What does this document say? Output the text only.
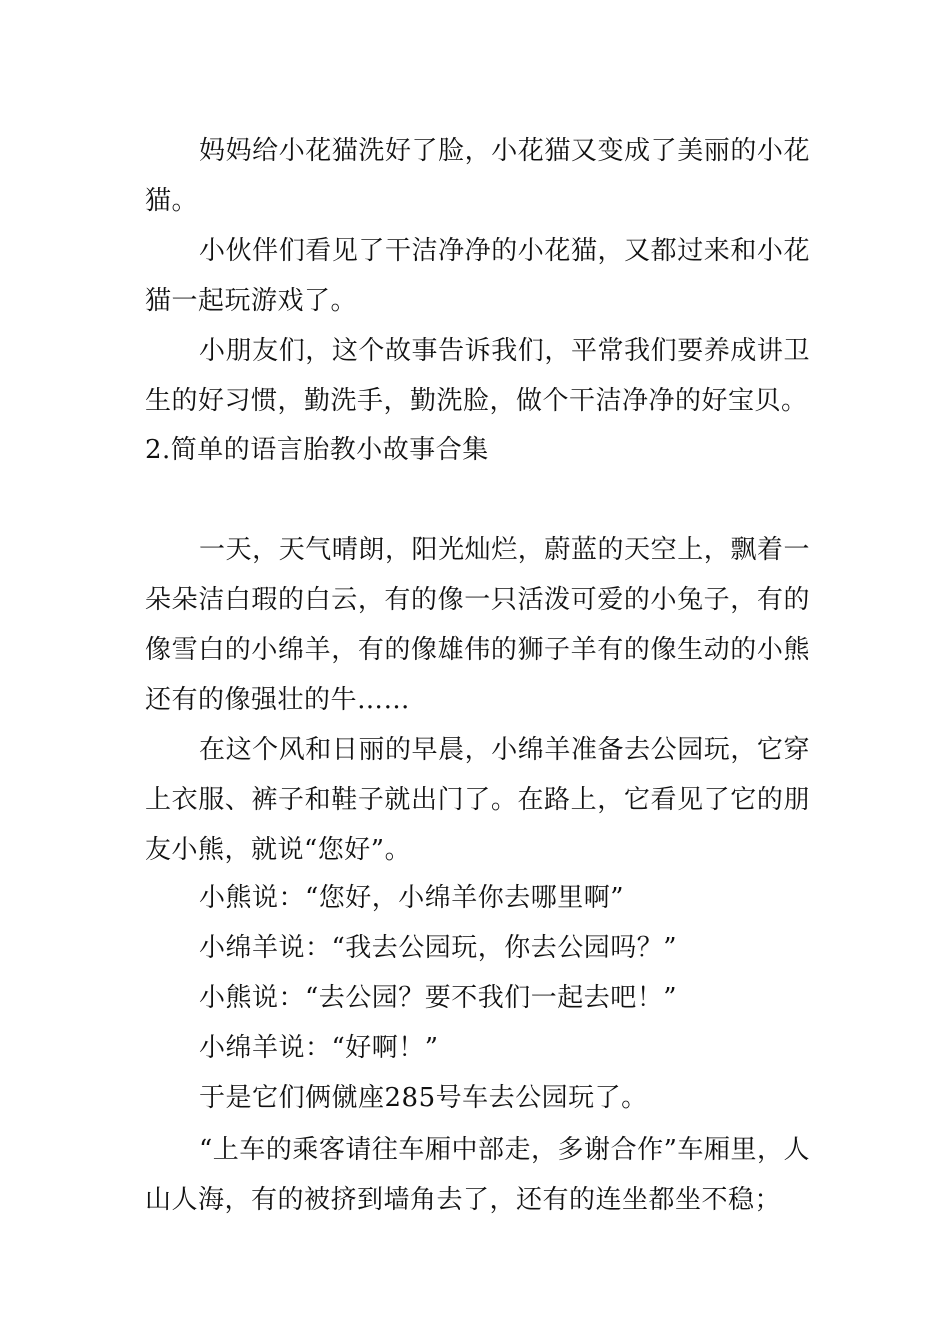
妈妈给小花猫洗好了脸，小花猫又变成了美丽的小花猫。

小伙伴们看见了干洁净净的小花猫，又都过来和小花猫一起玩游戏了。

小朋友们，这个故事告诉我们，平常我们要养成讲卫生的好习惯，勤洗手，勤洗脸，做个干洁净净的好宝贝。

2.简单的语言胎教小故事合集

一天，天气晴朗，阳光灿烂，蔚蓝的天空上，飘着一朵朵洁白瑕的白云，有的像一只活泼可爱的小兔子，有的像雪白的小绵羊，有的像雄伟的狮子羊有的像生动的小熊还有的像强壮的牛……

在这个风和日丽的早晨，小绵羊准备去公园玩，它穿上衣服、裤子和鞋子就出门了。在路上，它看见了它的朋友小熊，就说“您好”。

小熊说：“您好，小绵羊你去哪里啊”
小绵羊说：“我去公园玩，你去公园吗？”
小熊说：“去公园？要不我们一起去吧！”
小绵羊说：“好啊！”
于是它们俩僦座285号车去公园玩了。

“上车的乘客请往车厢中部走，多谢合作”车厢里，人山人海，有的被挤到墙角去了，还有的连坐都坐不稳；
